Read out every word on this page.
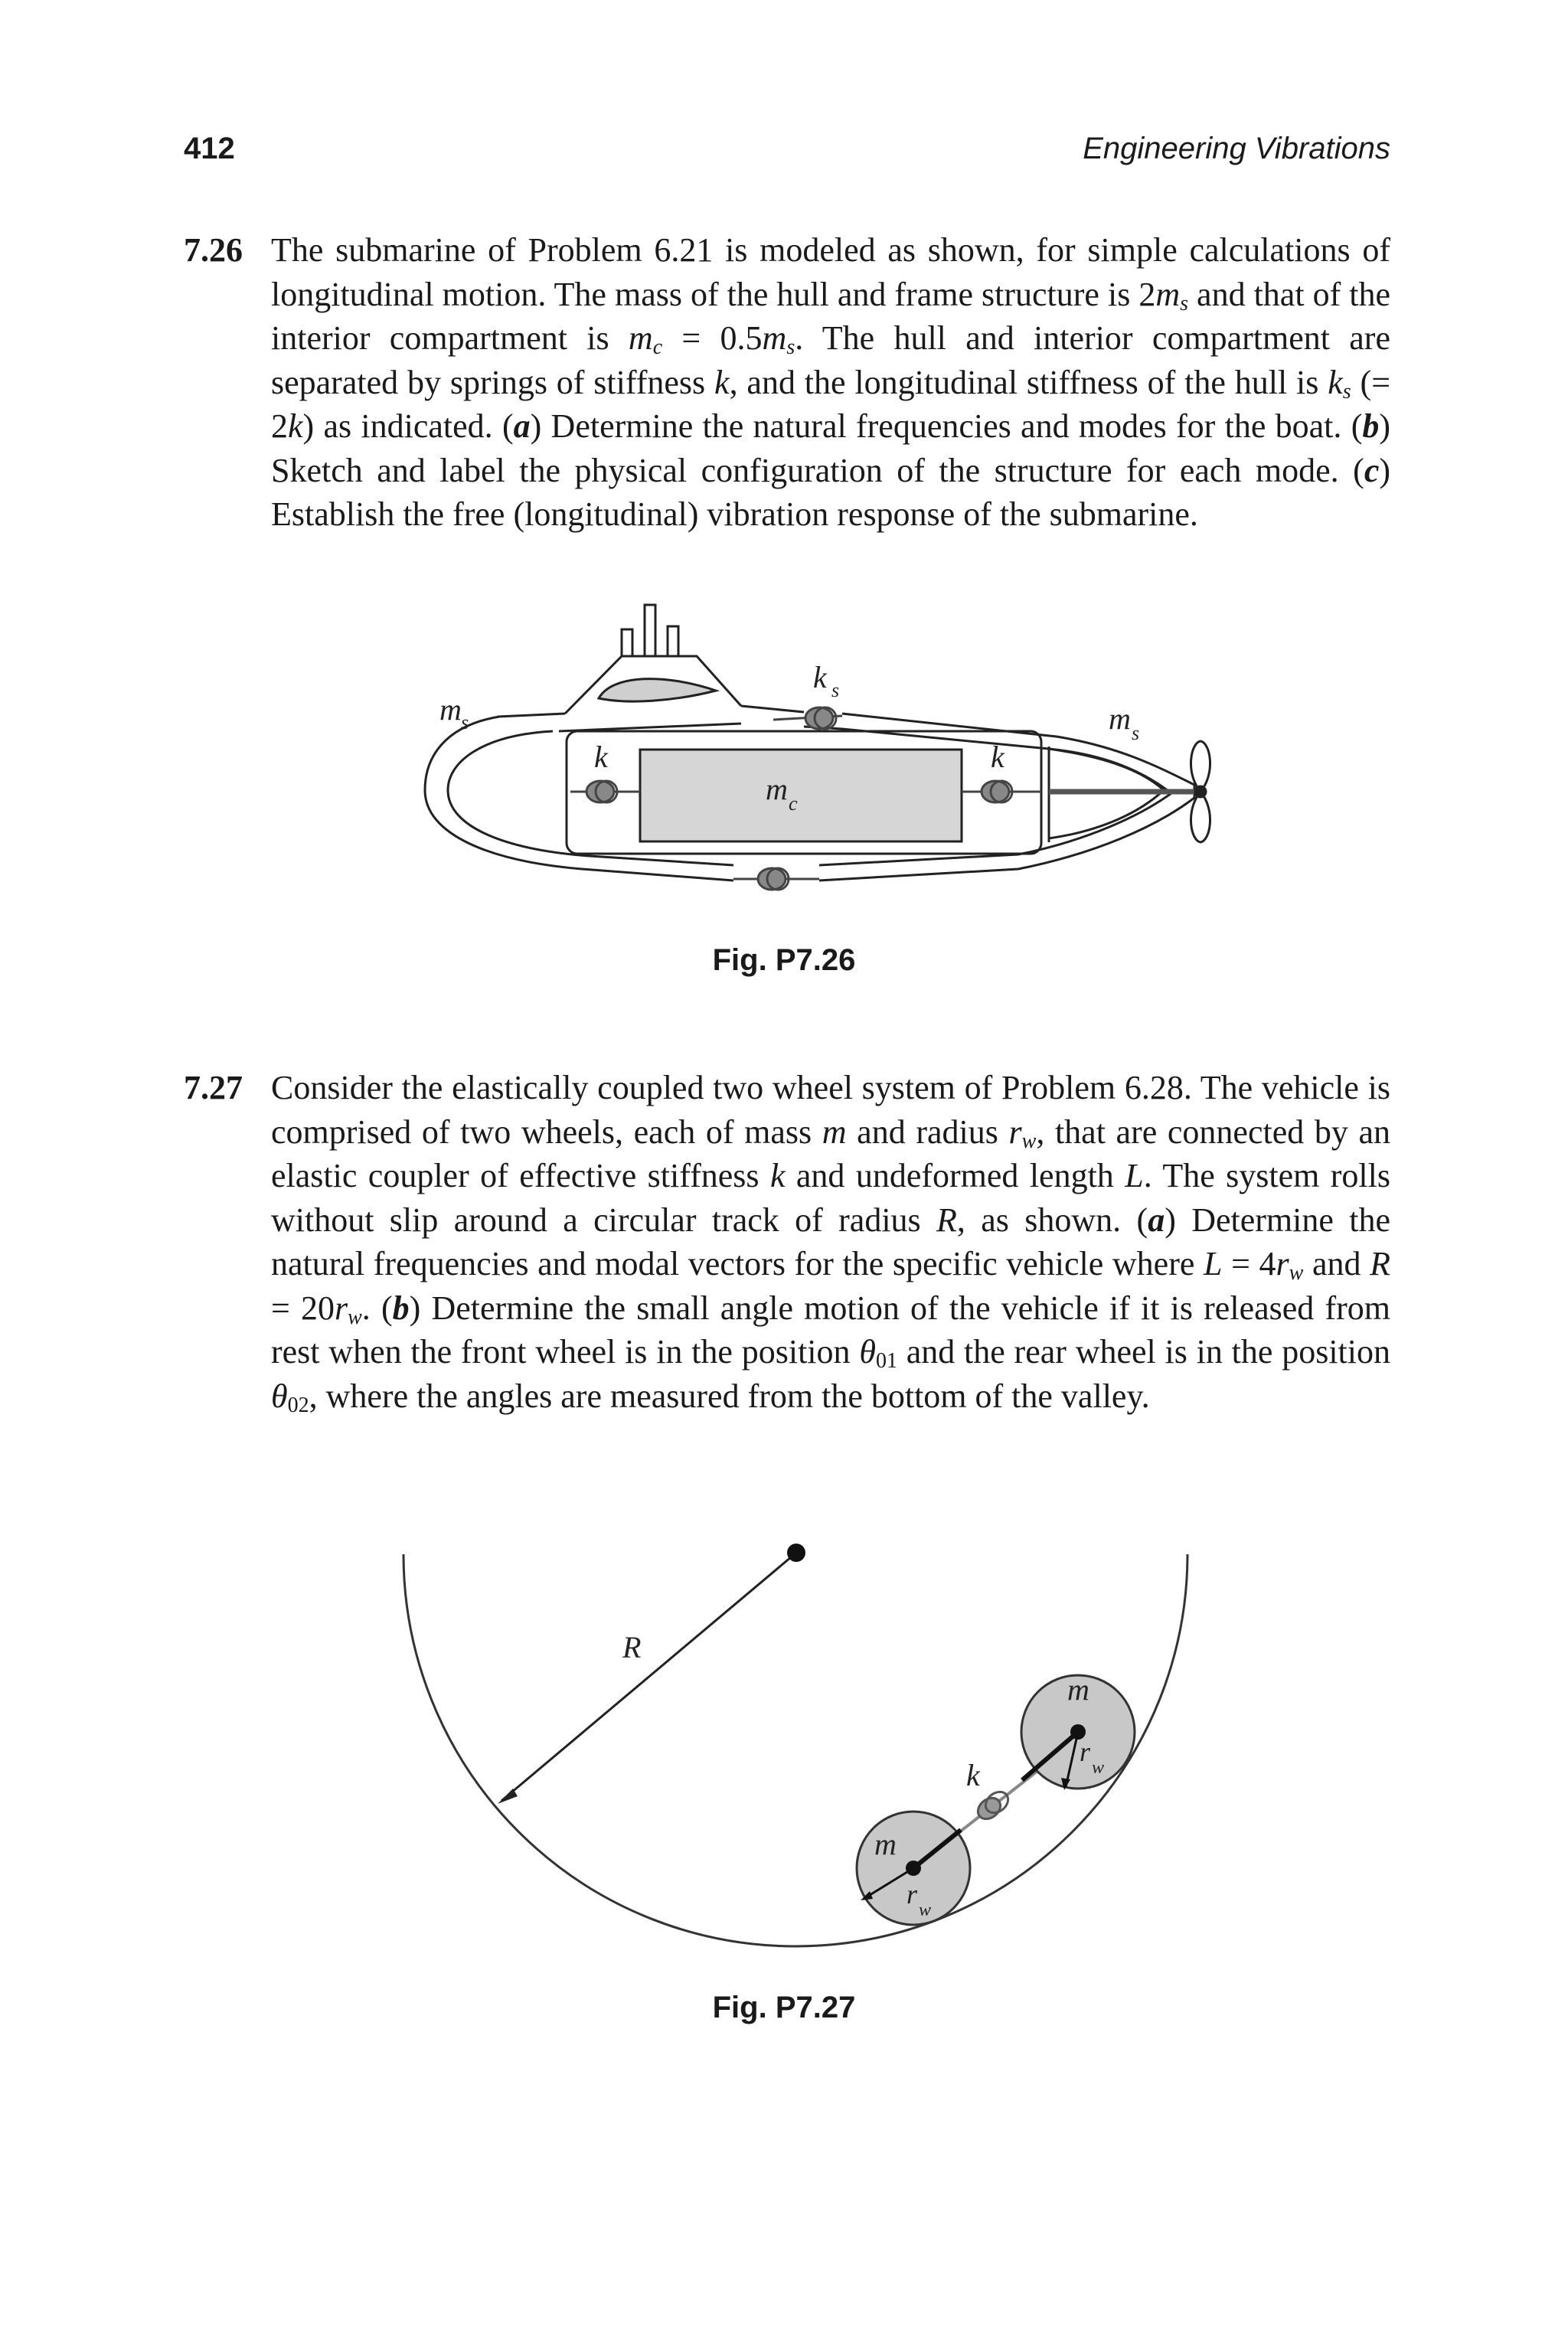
412	Engineering Vibrations
7.26 The submarine of Problem 6.21 is modeled as shown, for simple calculations of longitudinal motion. The mass of the hull and frame structure is $2m_s$ and that of the interior compartment is $m_c = 0.5m_s$. The hull and interior compartment are separated by springs of stiffness k, and the longitudinal stiffness of the hull is $k_s$ (= 2k) as indicated. (a) Determine the natural frequencies and modes for the boat. (b) Sketch and label the physical configuration of the structure for each mode. (c) Establish the free (longitudinal) vibration response of the submarine.
m s
k s
m s
k	k
m c
Fig. P7.26
7.27 Consider the elastically coupled two wheel system of Problem 6.28. The vehicle is comprised of two wheels, each of mass m and radius $r_w$, that are connected by an elastic coupler of effective stiffness k and undeformed length L. The system rolls without slip around a circular track of radius R, as shown. (a) Determine the natural frequencies and modal vectors for the specific vehicle where $L = 4r_w$ and $R = 20r_w$. (b) Determine the small angle motion of the vehicle if it is released from rest when the front wheel is in the position $\theta_{01}$ and the rear wheel is in the position $\theta_{02}$, where the angles are measured from the bottom of the valley.
R
k
m
m
r
w
r
w
Fig. P7.27
